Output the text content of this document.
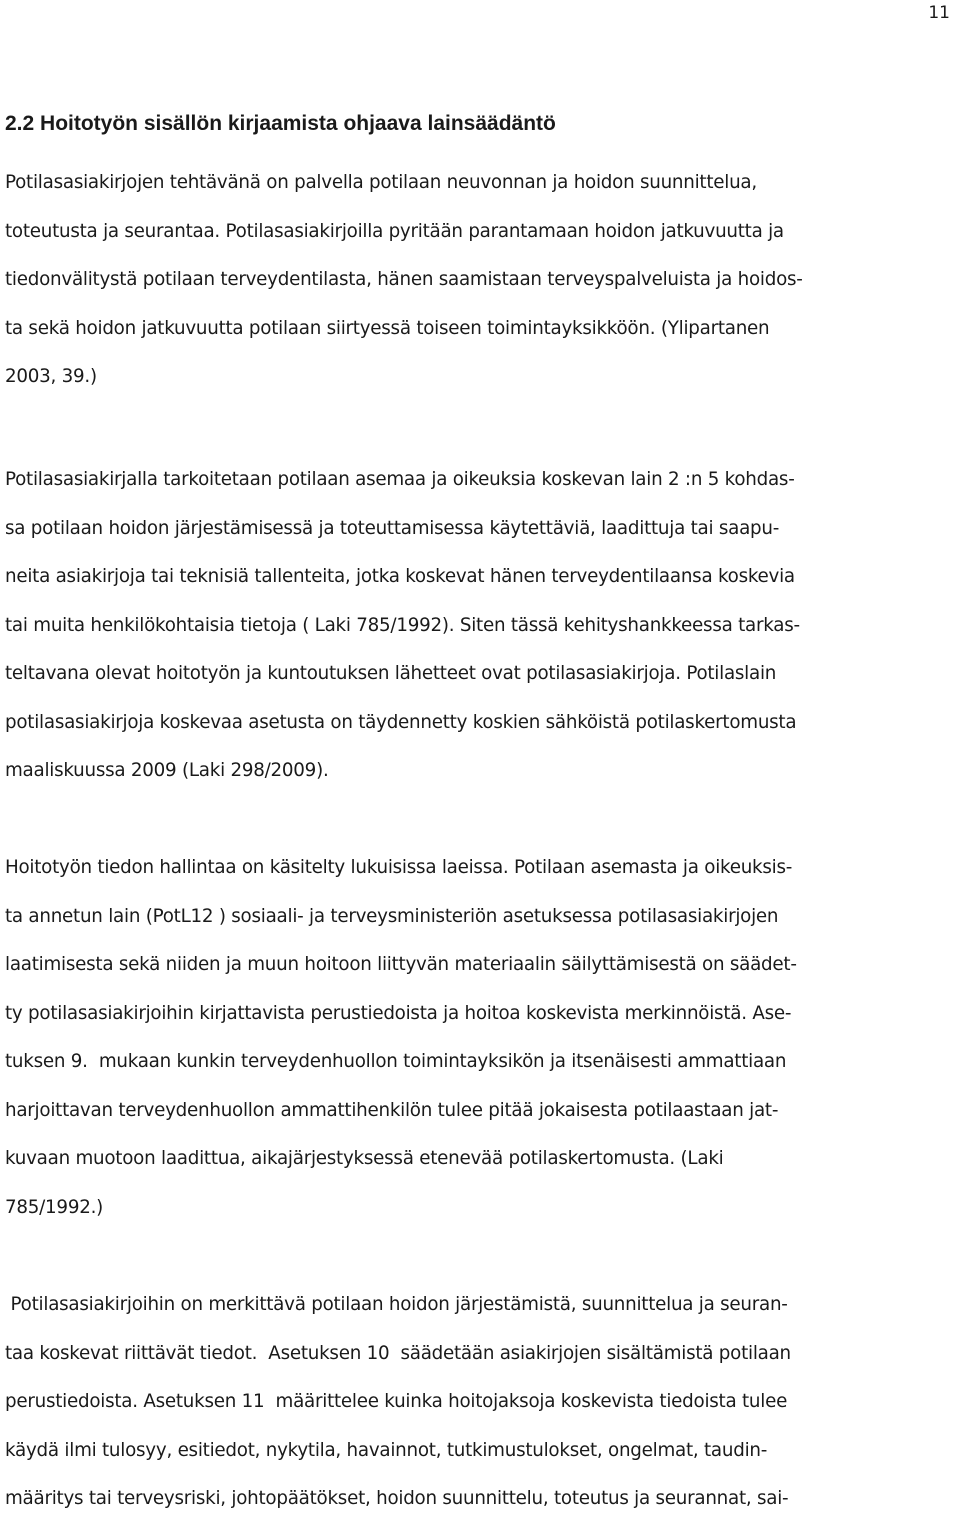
11
2.2 Hoitotyön sisällön kirjaamista ohjaava lainsäädäntö
Potilasasiakirjojen tehtävänä on palvella potilaan neuvonnan ja hoidon suunnittelua,
toteutusta ja seurantaa. Potilasasiakirjoilla pyritään parantamaan hoidon jatkuvuutta ja
tiedonvälitystä potilaan terveydentilasta, hänen saamistaan terveyspalveluista ja hoidos-
ta sekä hoidon jatkuvuutta potilaan siirtyessä toiseen toimintayksikköön. (Ylipartanen
2003, 39.)
Potilasasiakirjalla tarkoitetaan potilaan asemaa ja oikeuksia koskevan lain 2 :n 5 kohdas-
sa potilaan hoidon järjestämisessä ja toteuttamisessa käytettäviä, laadittuja tai saapu-
neita asiakirjoja tai teknisiä tallenteita, jotka koskevat hänen terveydentilaansa koskevia
tai muita henkilökohtaisia tietoja ( Laki 785/1992). Siten tässä kehityshankkeessa tarkas-
teltavana olevat hoitotyön ja kuntoutuksen lähetteet ovat potilasasiakirjoja. Potilaslain
potilasasiakirjoja koskevaa asetusta on täydennetty koskien sähköistä potilaskertomusta
maaliskuussa 2009 (Laki 298/2009).
Hoitotyön tiedon hallintaa on käsitelty lukuisissa laeissa. Potilaan asemasta ja oikeuksis-
ta annetun lain (PotL12 ) sosiaali- ja terveysministeriön asetuksessa potilasasiakirjojen
laatimisesta sekä niiden ja muun hoitoon liittyvän materiaalin säilyttämisestä on säädet-
ty potilasasiakirjoihin kirjattavista perustiedoista ja hoitoa koskevista merkinnöistä. Ase-
tuksen 9.  mukaan kunkin terveydenhuollon toimintayksikön ja itsenäisesti ammattiaan
harjoittavan terveydenhuollon ammattihenkilön tulee pitää jokaisesta potilaastaan jat-
kuvaan muotoon laadittua, aikajärjestyksessä etenevää potilaskertomusta. (Laki
785/1992.)
Potilasasiakirjoihin on merkittävä potilaan hoidon järjestämistä, suunnittelua ja seuran-
taa koskevat riittävät tiedot.  Asetuksen 10  säädetään asiakirjojen sisältämistä potilaan
perustiedoista. Asetuksen 11  määrittelee kuinka hoitojaksoja koskevista tiedoista tulee
käydä ilmi tulosyy, esitiedot, nykytila, havainnot, tutkimustulokset, ongelmat, taudin-
määritys tai terveysriski, johtopäätökset, hoidon suunnittelu, toteutus ja seurannat, sai-
